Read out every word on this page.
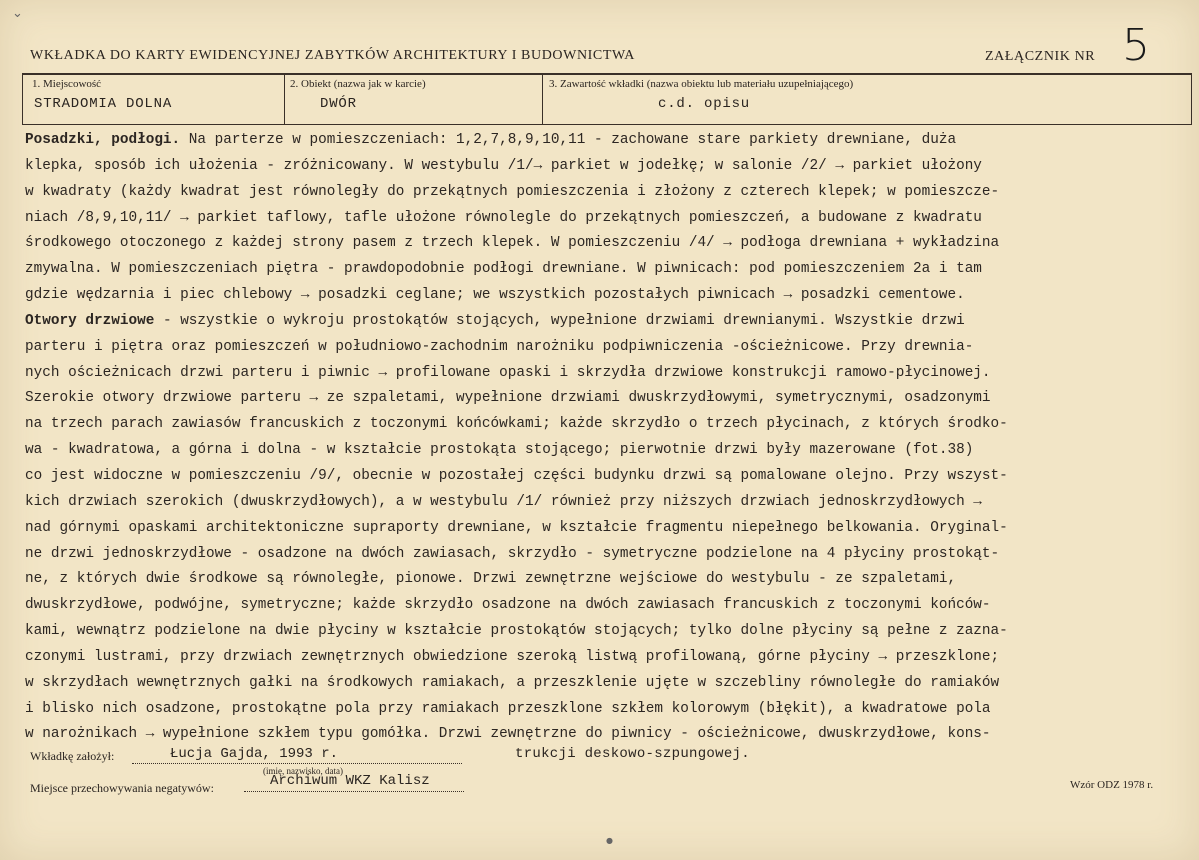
WKŁADKA DO KARTY EWIDENCYJNEJ ZABYTKÓW ARCHITEKTURY I BUDOWNICTWA	ZAŁĄCZNIK NR 5
1. Miejscowość
STRADOMIA DOLNA
2. Obiekt (nazwa jak w karcie)
DWÓR
3. Zawartość wkładki (nazwa obiektu lub materiału uzupełniającego)
c.d. opisu
Posadzki, podłogi. Na parterze w pomieszczeniach: 1,2,7,8,9,10,11 - zachowane stare parkiety drewniane, duża
klepka, sposób ich ułożenia - zróżnicowany. W westybulu /1/→ parkiet w jodełkę; w salonie /2/ → parkiet ułożony
w kwadraty (każdy kwadrat jest równoległy do przekątnych pomieszczenia i złożony z czterech klepek; w pomieszcze-
niach /8,9,10,11/ → parkiet taflowy, tafle ułożone równolegle do przekątnych pomieszczeń, a budowane z kwadratu
środkowego otoczonego z każdej strony pasem z trzech klepek. W pomieszczeniu /4/ → podłoga drewniana + wykładzina
zmywalna. W pomieszczeniach piętra - prawdopodobnie podłogi drewniane. W piwnicach: pod pomieszczeniem 2a i tam
gdzie wędzarnia i piec chlebowy → posadzki ceglane; we wszystkich pozostałych piwnicach → posadzki cementowe.
Otwory drzwiowe - wszystkie o wykroju prostokątów stojących, wypełnione drzwiami drewnianymi. Wszystkie drzwi
parteru i piętra oraz pomieszczeń w południowo-zachodnim narożniku podpiwniczenia -ościeżnicowe. Przy drewnia-
nych ościeżnicach drzwi parteru i piwnic → profilowane opaski i skrzydła drzwiowe konstrukcji ramowo-płycinowej.
Szerokie otwory drzwiowe parteru → ze szpaletami, wypełnione drzwiami dwuskrzydłowymi, symetrycznymi, osadzonymi
na trzech parach zawiasów francuskich z toczonymi końcówkami; każde skrzydło o trzech płycinach, z których środko-
wa - kwadratowa, a górna i dolna - w kształcie prostokąta stojącego; pierwotnie drzwi były mazerowane (fot.38)
co jest widoczne w pomieszczeniu /9/, obecnie w pozostałej części budynku drzwi są pomalowane olejno. Przy wszyst-
kich drzwiach szerokich (dwuskrzydłowych), a w westybulu /1/ również przy niższych drzwiach jednoskrzydłowych →
nad górnymi opaskami architektoniczne supraporty drewniane, w kształcie fragmentu niepełnego belkowania. Oryginal-
ne drzwi jednoskrzydłowe - osadzone na dwóch zawiasach, skrzydło - symetryczne podzielone na 4 płyciny prostokąt-
ne, z których dwie środkowe są równoległe, pionowe. Drzwi zewnętrzne wejściowe do westybulu - ze szpaletami,
dwuskrzydłowe, podwójne, symetryczne; każde skrzydło osadzone na dwóch zawiasach francuskich z toczonymi końców-
kami, wewnątrz podzielone na dwie płyciny w kształcie prostokątów stojących; tylko dolne płyciny są pełne z zazna-
czonymi lustrami, przy drzwiach zewnętrznych obwiedzione szeroką listwą profilowaną, górne płyciny → przeszklone;
w skrzydłach wewnętrznych gałki na środkowych ramiakach, a przeszklenie ujęte w szczebliny równoległe do ramiaków
i blisko nich osadzone, prostokątne pola przy ramiakach przeszklone szkłem kolorowym (błękit), a kwadratowe pola
w narożnikach → wypełnione szkłem typu gomółka. Drzwi zewnętrzne do piwnicy - ościeżnicowe, dwuskrzydłowe, kons-
trukcji deskowo-szpungowej.
Wkładkę założył:	Łucja Gajda, 1993 r.
(imię, nazwisko, data)
Miejsce przechowywania negatywów:	Archiwum WKZ Kalisz	Wzór ODZ 1978 r.
⌄
●
